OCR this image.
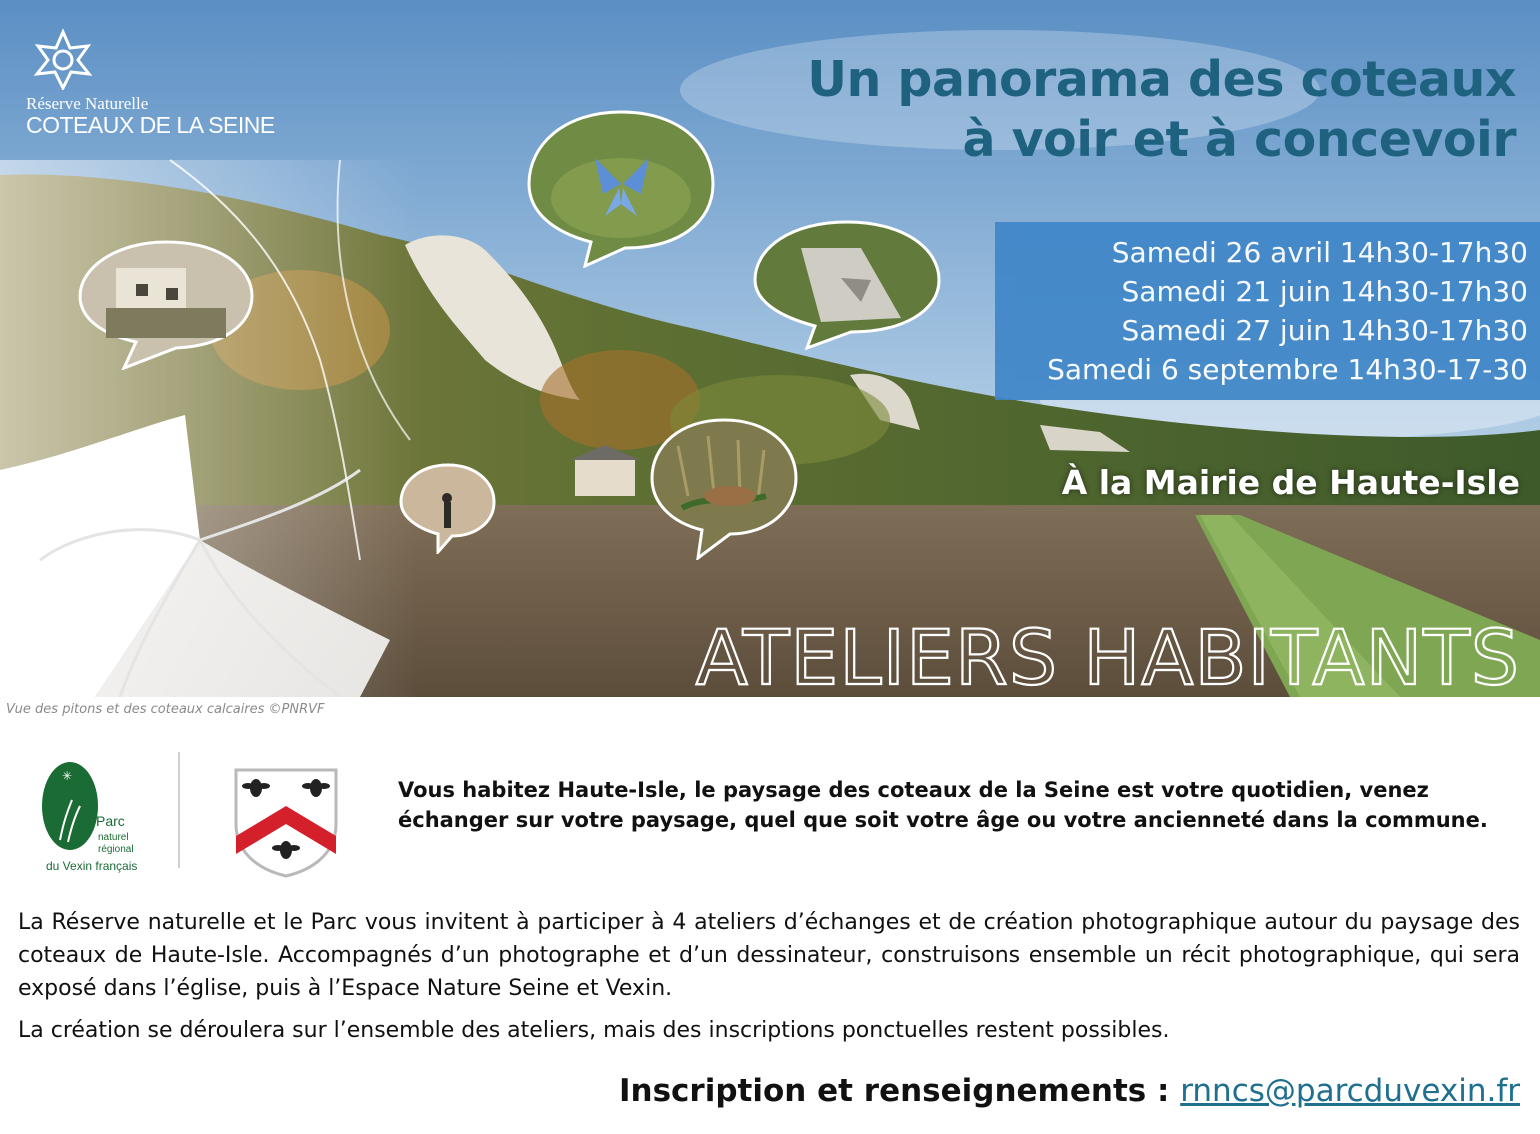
Réserve Naturelle
COTEAUX DE LA SEINE
Un panorama des coteaux
à voir et à concevoir
Samedi 26 avril 14h30-17h30
Samedi 21 juin 14h30-17h30
Samedi 27 juin 14h30-17h30
Samedi 6 septembre 14h30-17-30
À la Mairie de Haute-Isle
ATELIERS HABITANTS
Vue des pitons et des coteaux calcaires ©PNRVF
✳
Parc
naturel
régional
du Vexin français
Vous habitez Haute-Isle, le paysage des coteaux de la Seine est votre quotidien, venez échanger sur votre paysage, quel que soit votre âge ou votre ancienneté dans la commune.
La Réserve naturelle et le Parc vous invitent à participer à 4 ateliers d’échanges et de création photographique autour du paysage des coteaux de Haute-Isle. Accompagnés d’un photographe et d’un dessinateur, construisons ensemble un récit photographique, qui sera exposé dans l’église, puis à l’Espace Nature Seine et Vexin.
La création se déroulera sur l’ensemble des ateliers, mais des inscriptions ponctuelles restent possibles.
Inscription et renseignements : rnncs@parcduvexin.fr
